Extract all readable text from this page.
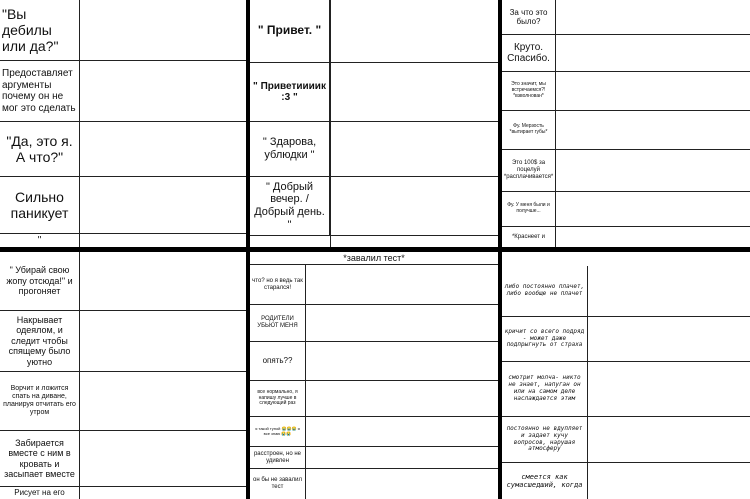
"Вы дебилы или да?"
Предоставляет аргументы почему он не мог это сделать
"Да, это я. А что?"
Сильно паникует
"
" Привет. "
" Приветиииик :3 "
" Здарова, ублюдки "
" Добрый вечер. / Добрый день. "
За что это было?
Круто. Спасибо.
Это значит, мы встречаемся?! *взволнован*
Фу. Мерзость *вытирает губы*
Это 100$ за поцелуй *расплачивается*
Фу. У меня были и получше...
*Краснеет и
" Убирай свою жопу отсюда!" и прогоняет
Накрывает одеялом, и следит чтобы спящему было уютно
Ворчит и ложится спать на диване, планируя отчитать его утром
Забирается вместе с ним в кровать и засыпает вместе
Рисует на его
*завалил тест*
что? но я ведь так старался!
РОДИТЕЛИ УБЬЮТ МЕНЯ
опять??
все нормально, я напишу лучше в следующий раз
я такой тупой 😭😭😭 я все знаю 😭😭
расстроен, но не удивлен
он бы не завалил тест
либо постоянно плачет, либо вообще не плачет
кричит со всего подряд - может даже подпрыгнуть от страха
смотрит молча- никто не знает, напуган он или на самом деле наслаждается этим
постоянно не вдупляет и задает кучу вопросов, нарушая атмосферу
смеется как сумасшедший, когда
